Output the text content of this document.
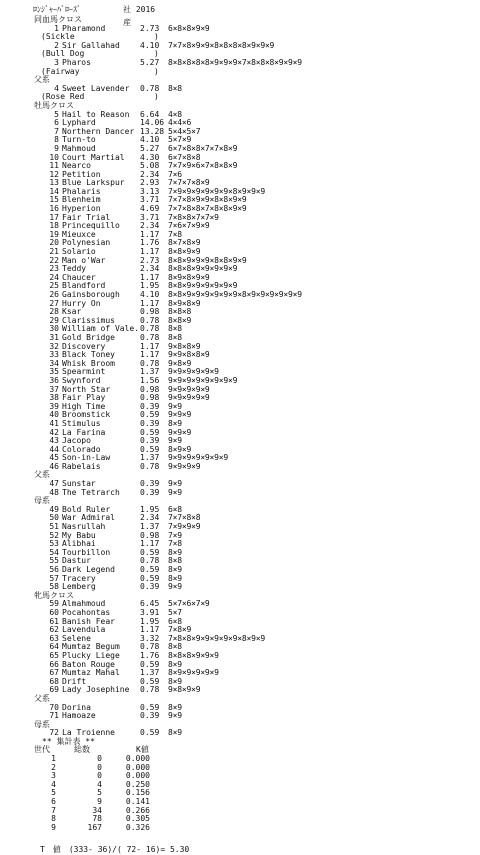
ﾛﾝｼﾞｬｰﾊﾞﾛｰｽﾞ	社 2016 産
同血馬クロス
1 Pharamond	2.73	6×8×8×9×9
(Sickle	)
2 Sir Gallahad	4.10	7×7×8×9×9×8×8×8×8×9×9×9
(Bull Dog	)
3 Pharos	5.27	8×8×8×8×8×9×9×9×7×8×8×8×9×9×9
(Fairway	)
父系
4 Sweet Lavender	0.78	8×8
(Rose Red	)
牡馬クロス
5 Hail to Reason	6.64	4×8
6 Lyphard	14.06 4×4×6
7 Northern Dancer 13.28 5×4×5×7
8 Turn-to	4.10	5×7×9
9 Mahmoud	5.27	6×7×8×8×7×7×8×9
10 Court Martial	4.30	6×7×8×8
11 Nearco	5.08	7×7×9×6×7×8×8×9
12 Petition	2.34	7×6
13 Blue Larkspur	2.93	7×7×7×8×9
14 Phalaris	3.13	7×9×9×9×9×9×9×8×9×9×9
15 Blenheim	3.71	7×7×8×9×9×8×8×9×9
16 Hyperion	4.69	7×7×8×8×7×8×8×9×9
17 Fair Trial	3.71	7×8×8×7×7×9
18 Princequillo	2.34	7×6×7×9×9
19 Mieuxce	1.17	7×8
20 Polynesian	1.76	8×7×8×9
21 Solario	1.17	8×8×9×9
22 Man o'War	2.73	8×8×9×9×9×8×8×9×9
23 Teddy	2.34	8×8×8×9×9×9×9×9
24 Chaucer	1.17	8×9×8×9×9
25 Blandford	1.95	8×8×9×9×9×9×9×9
26 Gainsborough	4.10	8×8×9×9×9×9×9×9×8×9×9×9×9×9×9
27 Hurry On	1.17	8×9×8×9
28 Ksar	0.98	8×8×8
29 Clarissimus	0.78	8×8×9
30 William of Vale. 0.78	8×8
31 Gold Bridge	0.78	8×8
32 Discovery	1.17	9×8×8×9
33 Black Toney	1.17	9×9×8×8×9
34 Whisk Broom	0.78	9×8×9
35 Spearmint	1.37	9×9×9×9×9×9
36 Swynford	1.56	9×9×9×9×9×9×9×9
37 North Star	0.98	9×9×9×9×9
38 Fair Play	0.98	9×9×9×9×9
39 High Time	0.39	9×9
40 Broomstick	0.59	9×9×9
41 Stimulus	0.39	8×9
42 La Farina	0.59	9×9×9
43 Jacopo	0.39	9×9
44 Colorado	0.59	8×9×9
45 Son-in-Law	1.37	9×9×9×9×9×9×9
46 Rabelais	0.78	9×9×9×9
父系
47 Sunstar	0.39	9×9
48 The Tetrarch	0.39	9×9
母系
49 Bold Ruler	1.95	6×8
50 War Admiral	2.34	7×7×8×8
51 Nasrullah	1.37	7×9×9×9
52 My Babu	0.98	7×9
53 Alibhai	1.17	7×8
54 Tourbillon	0.59	8×9
55 Dastur	0.78	8×8
56 Dark Legend	0.59	8×9
57 Tracery	0.59	8×9
58 Lemberg	0.39	9×9
牝馬クロス
59 Almahmoud	6.45	5×7×6×7×9
60 Pocahontas	3.91	5×7
61 Banish Fear	1.95	6×8
62 Lavendula	1.17	7×8×9
63 Selene	3.32	7×8×8×9×9×9×9×9×8×9×9
64 Mumtaz Begum	0.78	8×8
65 Plucky Liege	1.76	8×8×8×9×9×9
66 Baton Rouge	0.59	8×9
67 Mumtaz Mahal	1.37	8×9×9×9×9×9
68 Drift	0.59	8×9
69 Lady Josephine	0.78	9×8×9×9
父系
70 Dorina	0.59	8×9
71 Hamoaze	0.39	9×9
母系
72 La Troienne	0.59	8×9
** 集計表 **
世代	総数	K値
1	0	0.000
2	0	0.000
3	0	0.000
4	4	0.250
5	5	0.156
6	9	0.141
7	34	0.266
8	78	0.305
9	167	0.326
T　値　(333- 36)/( 72- 16)= 5.30
